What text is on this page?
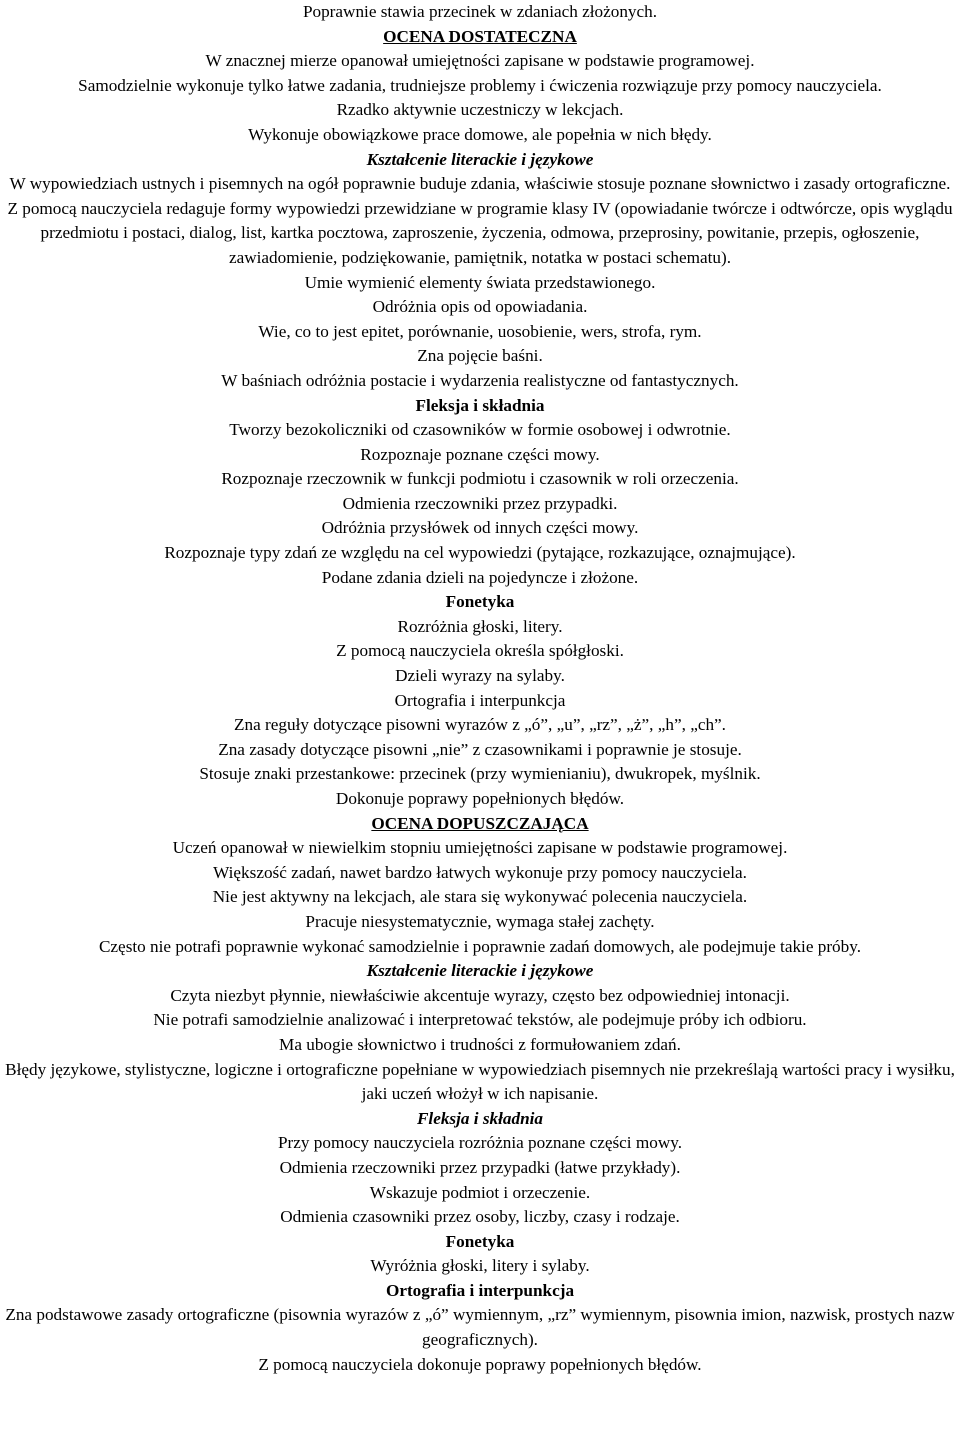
Poprawnie stawia przecinek w zdaniach złożonych.

OCENA DOSTATECZNA

W znacznej mierze opanował umiejętności zapisane w podstawie programowej.

Samodzielnie wykonuje tylko łatwe zadania, trudniejsze problemy i ćwiczenia rozwiązuje przy pomocy nauczyciela.

Rzadko aktywnie uczestniczy w lekcjach.

Wykonuje obowiązkowe prace domowe, ale popełnia w nich błędy.

Kształcenie literackie i językowe

W wypowiedziach ustnych i pisemnych na ogół poprawnie buduje zdania, właściwie stosuje poznane słownictwo i zasady ortograficzne.

Z pomocą nauczyciela redaguje formy wypowiedzi przewidziane w programie klasy IV (opowiadanie twórcze i odtwórcze, opis wyglądu przedmiotu i postaci, dialog, list, kartka pocztowa, zaproszenie, życzenia, odmowa, przeprosiny, powitanie, przepis, ogłoszenie, zawiadomienie, podziękowanie, pamiętnik, notatka w postaci schematu).

Umie wymienić elementy świata przedstawionego.

Odróżnia opis od opowiadania.

Wie, co to jest epitet, porównanie, uosobienie, wers, strofa, rym.

Zna pojęcie baśni.

W baśniach odróżnia postacie i wydarzenia realistyczne od fantastycznych.

Fleksja i składnia

Tworzy bezokoliczniki od czasowników w formie osobowej i odwrotnie.

Rozpoznaje poznane części mowy.

Rozpoznaje rzeczownik w funkcji podmiotu i czasownik w roli orzeczenia.

Odmienia rzeczowniki przez przypadki.

Odróżnia przysłówek od innych części mowy.

Rozpoznaje typy zdań ze względu na cel wypowiedzi (pytające, rozkazujące, oznajmujące).

Podane zdania dzieli na pojedyncze i złożone.

Fonetyka

Rozróżnia głoski, litery.

Z pomocą nauczyciela określa spółgłoski.

Dzieli wyrazy na sylaby.

Ortografia i interpunkcja

Zna reguły dotyczące pisowni wyrazów z „ó”, „u”, „rz”, „ż”, „h”, „ch”.

Zna zasady dotyczące pisowni „nie” z czasownikami i poprawnie je stosuje.

Stosuje znaki przestankowe: przecinek (przy wymienianiu), dwukropek, myślnik.

Dokonuje poprawy popełnionych błędów.

OCENA DOPUSZCZAJĄCA

Uczeń opanował w niewielkim stopniu umiejętności zapisane w podstawie programowej.

Większość zadań, nawet bardzo łatwych wykonuje przy pomocy nauczyciela.

Nie jest aktywny na lekcjach, ale stara się wykonywać polecenia nauczyciela.

Pracuje niesystematycznie, wymaga stałej zachęty.

Często nie potrafi poprawnie wykonać samodzielnie i poprawnie zadań domowych, ale podejmuje takie próby.

Kształcenie literackie i językowe

Czyta niezbyt płynnie, niewłaściwie akcentuje wyrazy, często bez odpowiedniej intonacji.

Nie potrafi samodzielnie analizować i interpretować tekstów, ale podejmuje próby ich odbioru.

Ma ubogie słownictwo i trudności z formułowaniem zdań.

Błędy językowe, stylistyczne, logiczne i ortograficzne popełniane w wypowiedziach pisemnych nie przekreślają wartości pracy i wysiłku, jaki uczeń włożył w ich napisanie.

Fleksja i składnia

Przy pomocy nauczyciela rozróżnia poznane części mowy.

Odmienia rzeczowniki przez przypadki (łatwe przykłady).

Wskazuje podmiot i orzeczenie.

Odmienia czasowniki przez osoby, liczby, czasy i rodzaje.

Fonetyka

Wyróżnia głoski, litery i sylaby.

Ortografia i interpunkcja

Zna podstawowe zasady ortograficzne (pisownia wyrazów z „ó” wymiennym, „rz” wymiennym, pisownia imion, nazwisk, prostych nazw geograficznych).

Z pomocą nauczyciela dokonuje poprawy popełnionych błędów.
